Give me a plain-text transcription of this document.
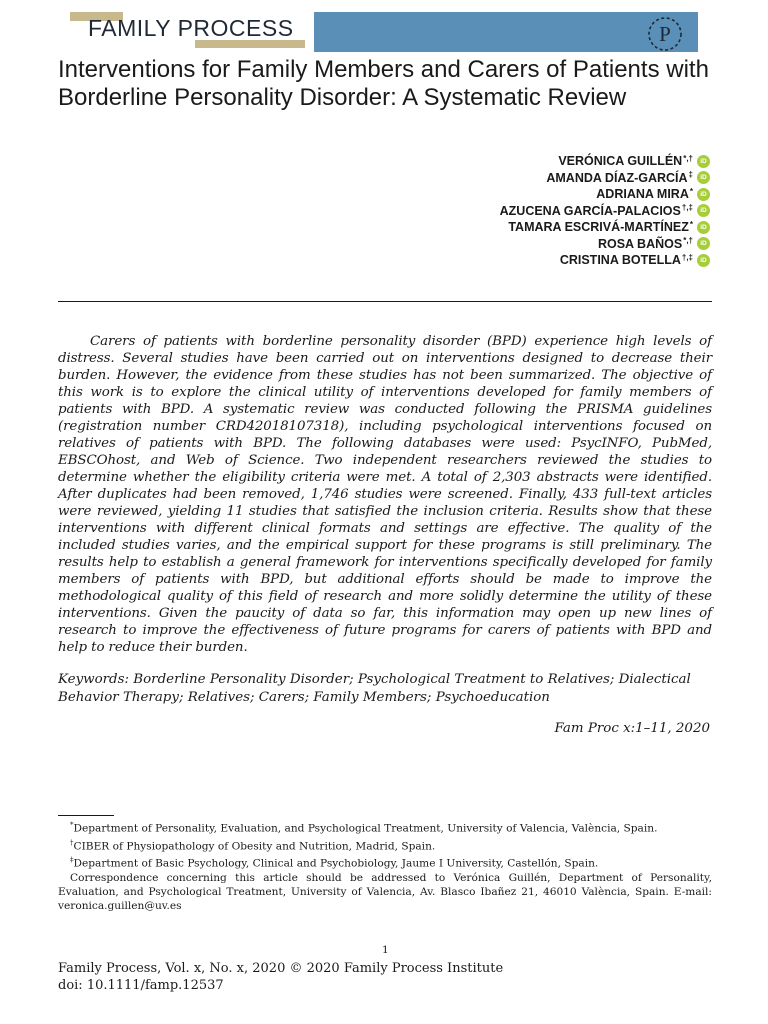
FAMILY PROCESS	P
Interventions for Family Members and Carers of Patients with Borderline Personality Disorder: A Systematic Review
VERÓNICA GUILLÉN*,†	iD
AMANDA DÍAZ-GARCÍA‡	iD
ADRIANA MIRA*	iD
AZUCENA GARCÍA-PALACIOS†,‡	iD
TAMARA ESCRIVÁ-MARTÍNEZ*	iD
ROSA BAÑOS*,†	iD
CRISTINA BOTELLA†,‡	iD

Carers of patients with borderline personality disorder (BPD) experience high levels of distress. Several studies have been carried out on interventions designed to decrease their burden. However, the evidence from these studies has not been summarized. The objective of this work is to explore the clinical utility of interventions developed for family members of patients with BPD. A systematic review was conducted following the PRISMA guidelines (registration number CRD42018107318), including psychological interventions focused on relatives of patients with BPD. The following databases were used: PsycINFO, PubMed, EBSCOhost, and Web of Science. Two independent researchers reviewed the studies to determine whether the eligibility criteria were met. A total of 2,303 abstracts were identified. After duplicates had been removed, 1,746 studies were screened. Finally, 433 full-text articles were reviewed, yielding 11 studies that satisfied the inclusion criteria. Results show that these interventions with different clinical formats and settings are effective. The quality of the included studies varies, and the empirical support for these programs is still preliminary. The results help to establish a general framework for interventions specifically developed for family members of patients with BPD, but additional efforts should be made to improve the methodological quality of this field of research and more solidly determine the utility of these interventions. Given the paucity of data so far, this information may open up new lines of research to improve the effectiveness of future programs for carers of patients with BPD and help to reduce their burden.

Keywords: Borderline Personality Disorder; Psychological Treatment to Relatives; Dialectical Behavior Therapy; Relatives; Carers; Family Members; Psychoeducation

Fam Proc x:1–11, 2020

*Department of Personality, Evaluation, and Psychological Treatment, University of Valencia, València, Spain.

†CIBER of Physiopathology of Obesity and Nutrition, Madrid, Spain.

‡Department of Basic Psychology, Clinical and Psychobiology, Jaume I University, Castellón, Spain.

Correspondence concerning this article should be addressed to Verónica Guillén, Department of Personality, Evaluation, and Psychological Treatment, University of Valencia, Av. Blasco Ibañez 21, 46010 València, Spain. E-mail: veronica.guillen@uv.es

1
Family Process, Vol. x, No. x, 2020 © 2020 Family Process Institute
doi: 10.1111/famp.12537
